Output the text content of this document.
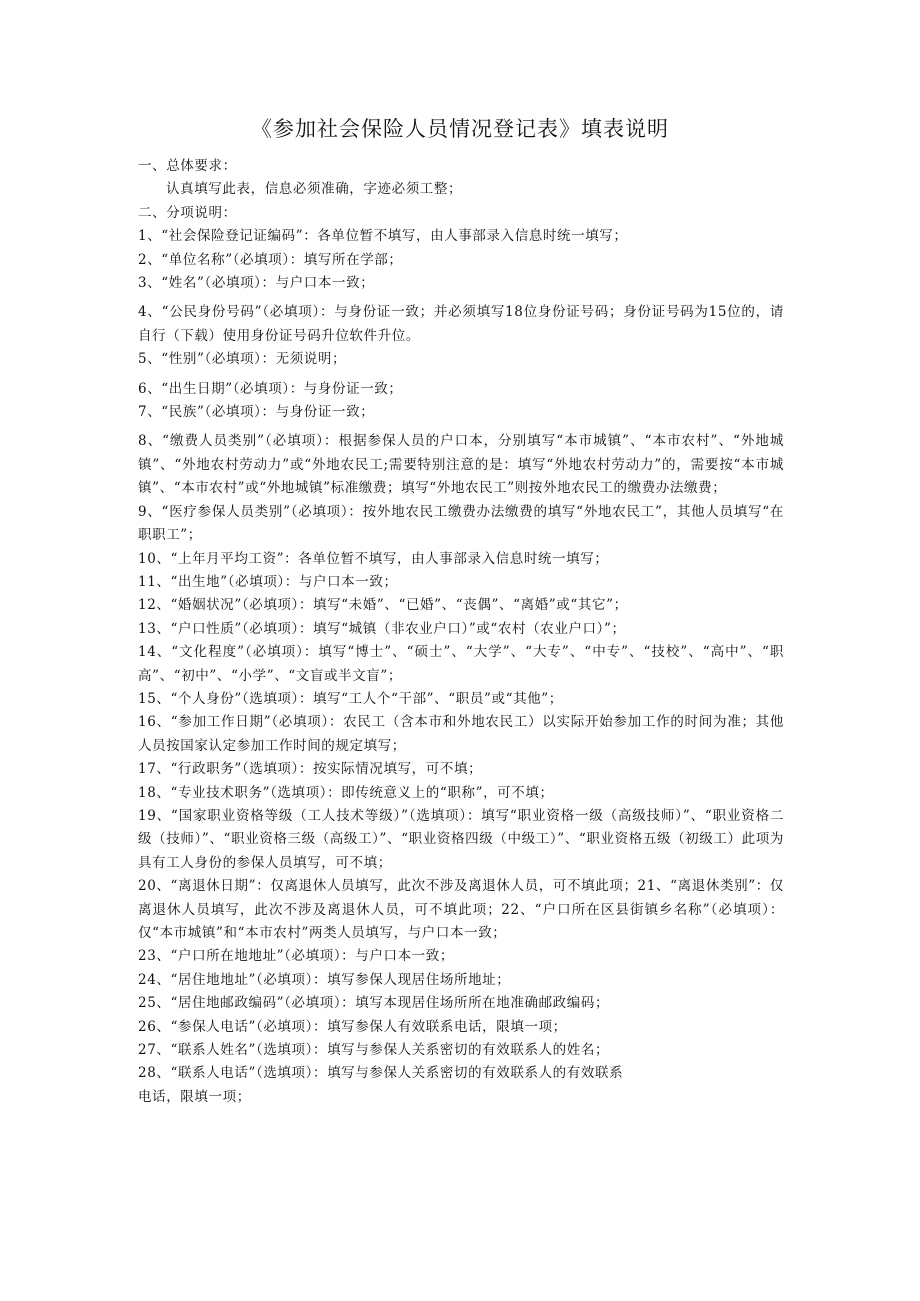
《参加社会保险人员情况登记表》填表说明

一、总体要求：

认真填写此表，信息必须准确，字迹必须工整；

二、分项说明：

1、“社会保险登记证编码”：各单位暂不填写，由人事部录入信息时统一填写；

2、“单位名称”（必填项）：填写所在学部；

3、“姓名”（必填项）：与户口本一致；

4、“公民身份号码”（必填项）：与身份证一致；并必须填写18位身份证号码；身份证号码为15位的，请自行（下载）使用身份证号码升位软件升位。

5、“性别”（必填项）：无须说明；

6、“出生日期”（必填项）：与身份证一致；

7、“民族”（必填项）：与身份证一致；

8、“缴费人员类别”（必填项）：根据参保人员的户口本，分别填写“本市城镇”、“本市农村”、“外地城镇”、“外地农村劳动力”或“外地农民工;需要特别注意的是：填写“外地农村劳动力”的，需要按“本市城镇”、“本市农村”或“外地城镇”标准缴费；填写“外地农民工”则按外地农民工的缴费办法缴费；

9、“医疗参保人员类别”（必填项）：按外地农民工缴费办法缴费的填写“外地农民工”，其他人员填写“在职职工”；

10、“上年月平均工资”：各单位暂不填写，由人事部录入信息时统一填写；

11、“出生地”（必填项）：与户口本一致；

12、“婚姻状况”（必填项）：填写“未婚”、“已婚”、“丧偶”、“离婚”或“其它”；

13、“户口性质”（必填项）：填写“城镇（非农业户口）”或“农村（农业户口）”；

14、“文化程度”（必填项）：填写“博士”、“硕士”、“大学”、“大专”、“中专”、“技校”、“高中”、“职高”、“初中”、“小学”、“文盲或半文盲”；

15、“个人身份”（选填项）：填写“工人个“干部”、“职员”或“其他”；

16、“参加工作日期”（必填项）：农民工（含本市和外地农民工）以实际开始参加工作的时间为准；其他人员按国家认定参加工作时间的规定填写；

17、“行政职务”（选填项）：按实际情况填写，可不填；

18、“专业技术职务”（选填项）：即传统意义上的“职称”，可不填；

19、“国家职业资格等级（工人技术等级）”（选填项）：填写“职业资格一级（高级技师）”、“职业资格二级（技师）”、“职业资格三级（高级工）”、“职业资格四级（中级工）”、“职业资格五级（初级工）此项为具有工人身份的参保人员填写，可不填；

20、“离退休日期”：仅离退休人员填写，此次不涉及离退休人员，可不填此项；21、“离退休类别”：仅离退休人员填写，此次不涉及离退休人员，可不填此项；22、“户口所在区县街镇乡名称”（必填项）：仅“本市城镇”和“本市农村”两类人员填写，与户口本一致；

23、“户口所在地地址”（必填项）：与户口本一致；

24、“居住地地址”（必填项）：填写参保人现居住场所地址；

25、“居住地邮政编码”（必填项）：填写本现居住场所所在地准确邮政编码；

26、“参保人电话”（必填项）：填写参保人有效联系电话，限填一项；

27、“联系人姓名”（选填项）：填写与参保人关系密切的有效联系人的姓名；

28、“联系人电话”（选填项）：填写与参保人关系密切的有效联系人的有效联系

电话，限填一项；
